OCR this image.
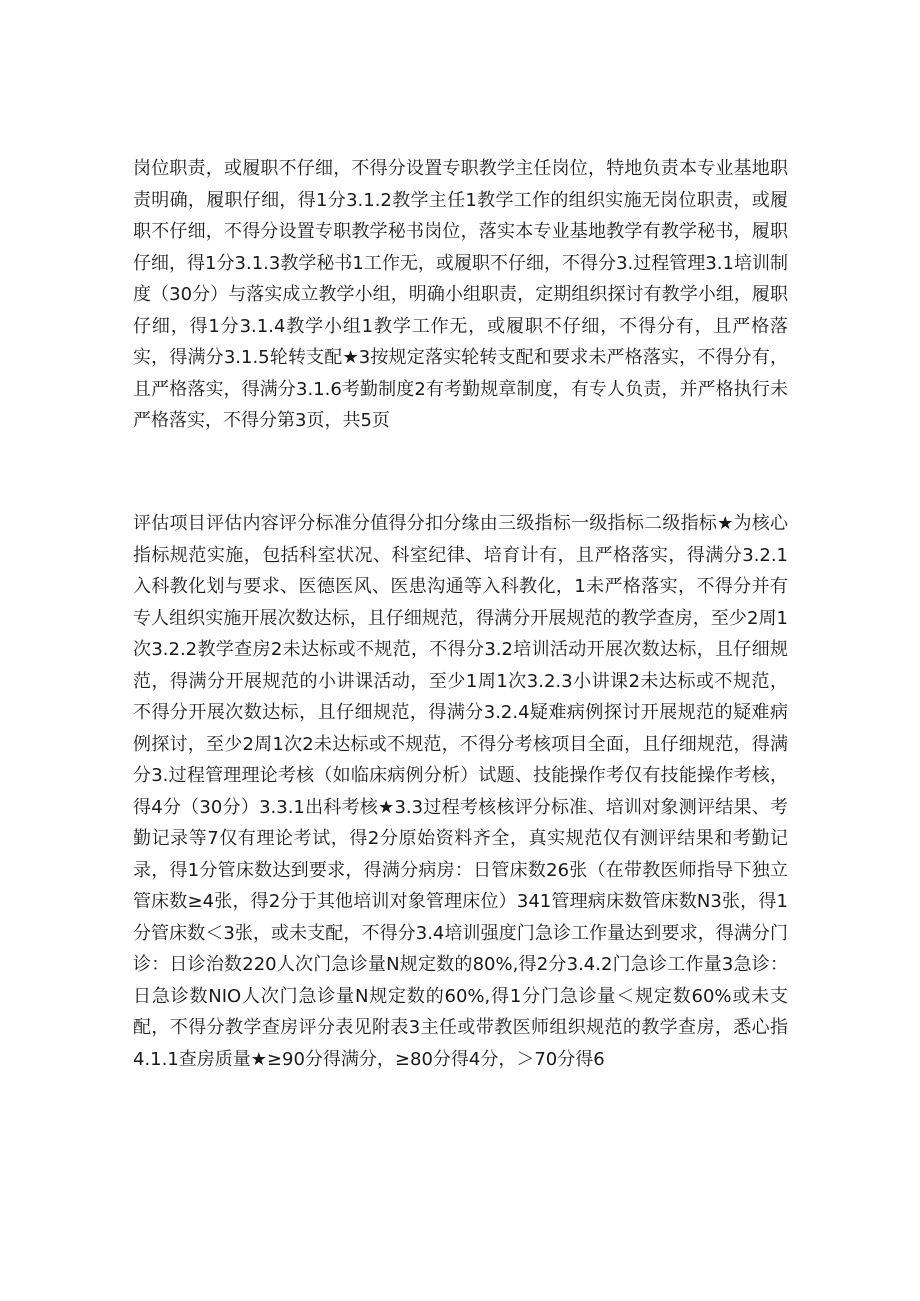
岗位职责，或履职不仔细，不得分设置专职教学主任岗位，特地负责本专业基地职责明确，履职仔细，得1分3.1.2教学主任1教学工作的组织实施无岗位职责，或履职不仔细，不得分设置专职教学秘书岗位，落实本专业基地教学有教学秘书，履职仔细，得1分3.1.3教学秘书1工作无，或履职不仔细，不得分3.过程管理3.1培训制度（30分）与落实成立教学小组，明确小组职责，定期组织探讨有教学小组，履职仔细，得1分3.1.4教学小组1教学工作无，或履职不仔细，不得分有，且严格落实，得满分3.1.5轮转支配★3按规定落实轮转支配和要求未严格落实，不得分有，且严格落实，得满分3.1.6考勤制度2有考勤规章制度，有专人负责，并严格执行未严格落实，不得分第3页，共5页

评估项目评估内容评分标准分值得分扣分缘由三级指标一级指标二级指标★为核心指标规范实施，包括科室状况、科室纪律、培育计有，且严格落实，得满分3.2.1入科教化划与要求、医德医风、医患沟通等入科教化，1未严格落实，不得分并有专人组织实施开展次数达标，且仔细规范，得满分开展规范的教学查房，至少2周1次3.2.2教学查房2未达标或不规范，不得分3.2培训活动开展次数达标，且仔细规范，得满分开展规范的小讲课活动，至少1周1次3.2.3小讲课2未达标或不规范，不得分开展次数达标，且仔细规范，得满分3.2.4疑难病例探讨开展规范的疑难病例探讨，至少2周1次2未达标或不规范，不得分考核项目全面，且仔细规范，得满分3.过程管理理论考核（如临床病例分析）试题、技能操作考仅有技能操作考核，得4分（30分）3.3.1出科考核★3.3过程考核核评分标准、培训对象测评结果、考勤记录等7仅有理论考试，得2分原始资料齐全，真实规范仅有测评结果和考勤记录，得1分管床数达到要求，得满分病房：日管床数26张（在带教医师指导下独立管床数≥4张，得2分于其他培训对象管理床位）341管理病床数管床数N3张，得1分管床数＜3张，或未支配，不得分3.4培训强度门急诊工作量达到要求，得满分门诊：日诊治数220人次门急诊量N规定数的80%,得2分3.4.2门急诊工作量3急诊：日急诊数NIO人次门急诊量N规定数的60%,得1分门急诊量＜规定数60%或未支配，不得分教学查房评分表见附表3主任或带教医师组织规范的教学查房，悉心指4.1.1查房质量★≥90分得满分，≥80分得4分，＞70分得6
